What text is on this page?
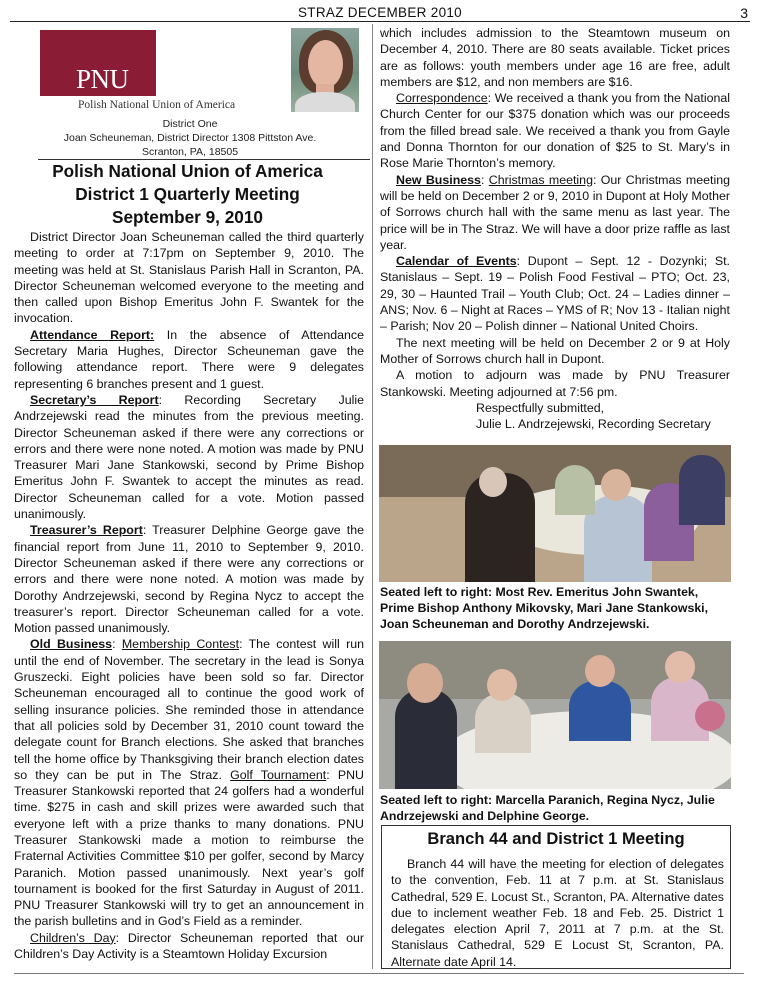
STRAZ DECEMBER 2010	3
PNU
Polish National Union of America
District One
Joan Scheuneman, District Director 1308 Pittston Ave.
Scranton, PA, 18505
Polish National Union of America
District 1 Quarterly Meeting
September 9, 2010

District Director Joan Scheuneman called the third quarterly meeting to order at 7:17pm on September 9, 2010. The meeting was held at St. Stanislaus Parish Hall in Scranton, PA. Director Scheuneman welcomed everyone to the meeting and then called upon Bishop Emeritus John F. Swantek for the invocation.

Attendance Report: In the absence of Attendance Secretary Maria Hughes, Director Scheuneman gave the following attendance report. There were 9 delegates representing 6 branches present and 1 guest.

Secretary’s Report: Recording Secretary Julie Andrzejewski read the minutes from the previous meeting. Director Scheuneman asked if there were any corrections or errors and there were none noted. A motion was made by PNU Treasurer Mari Jane Stankowski, second by Prime Bishop Emeritus John F. Swantek to accept the minutes as read. Director Scheuneman called for a vote. Motion passed unanimously.

Treasurer’s Report: Treasurer Delphine George gave the financial report from June 11, 2010 to September 9, 2010. Director Scheuneman asked if there were any corrections or errors and there were none noted. A motion was made by Dorothy Andrzejewski, second by Regina Nycz to accept the treasurer’s report. Director Scheuneman called for a vote. Motion passed unanimously.

Old Business: Membership Contest: The contest will run until the end of November. The secretary in the lead is Sonya Gruszecki. Eight policies have been sold so far. Director Scheuneman encouraged all to continue the good work of selling insurance policies. She reminded those in attendance that all policies sold by December 31, 2010 count toward the delegate count for Branch elections. She asked that branches tell the home office by Thanksgiving their branch election dates so they can be put in The Straz. Golf Tournament: PNU Treasurer Stankowski reported that 24 golfers had a wonderful time. $275 in cash and skill prizes were awarded such that everyone left with a prize thanks to many donations. PNU Treasurer Stankowski made a motion to reimburse the Fraternal Activities Committee $10 per golfer, second by Marcy Paranich. Motion passed unanimously. Next year’s golf tournament is booked for the first Saturday in August of 2011. PNU Treasurer Stankowski will try to get an announcement in the parish bulletins and in God’s Field as a reminder.

Children’s Day: Director Scheuneman reported that our Children’s Day Activity is a Steamtown Holiday Excursion

which includes admission to the Steamtown museum on December 4, 2010. There are 80 seats available. Ticket prices are as follows: youth members under age 16 are free, adult members are $12, and non members are $16.

Correspondence: We received a thank you from the National Church Center for our $375 donation which was our proceeds from the filled bread sale. We received a thank you from Gayle and Donna Thornton for our donation of $25 to St. Mary’s in Rose Marie Thornton’s memory.

New Business: Christmas meeting: Our Christmas meeting will be held on December 2 or 9, 2010 in Dupont at Holy Mother of Sorrows church hall with the same menu as last year. The price will be in The Straz. We will have a door prize raffle as last year.

Calendar of Events: Dupont – Sept. 12 - Dozynki; St. Stanislaus – Sept. 19 – Polish Food Festival – PTO; Oct. 23, 29, 30 – Haunted Trail – Youth Club; Oct. 24 – Ladies dinner – ANS; Nov. 6 – Night at Races – YMS of R; Nov 13 - Italian night – Parish; Nov 20 – Polish dinner – National United Choirs.

The next meeting will be held on December 2 or 9 at Holy Mother of Sorrows church hall in Dupont.

A motion to adjourn was made by PNU Treasurer Stankowski. Meeting adjourned at 7:56 pm.

Respectfully submitted,

Julie L. Andrzejewski, Recording Secretary

Seated left to right: Most Rev. Emeritus John Swantek, Prime Bishop Anthony Mikovsky, Mari Jane Stankowski, Joan Scheuneman and Dorothy Andrzejewski.
Seated left to right: Marcella Paranich, Regina Nycz, Julie Andrzejewski and Delphine George.
Branch 44 and District 1 Meeting
Branch 44 will have the meeting for election of delegates to the convention, Feb. 11 at 7 p.m. at St. Stanislaus Cathedral, 529 E. Locust St., Scranton, PA. Alternative dates due to inclement weather Feb. 18 and Feb. 25. District 1 delegates election April 7, 2011 at 7 p.m. at the St. Stanislaus Cathedral, 529 E Locust St, Scranton, PA. Alternate date April 14.
